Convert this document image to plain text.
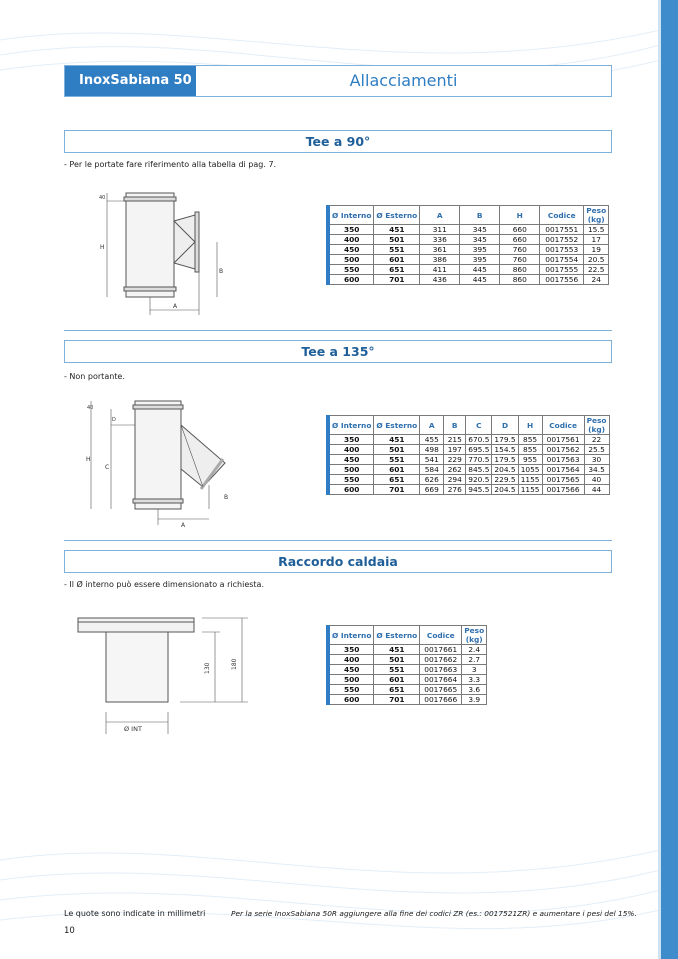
InoxSabiana 50	Allacciamenti
Tee a 90°
- Per le portate fare riferimento alla tabella di pag. 7.
40
H
B
A
Ø Interno	Ø Esterno	A	B	H	Codice	Peso (kg)
350	451	311	345	660	0017551	15.5
400	501	336	345	660	0017552	17
450	551	361	395	760	0017553	19
500	601	386	395	760	0017554	20.5
550	651	411	445	860	0017555	22.5
600	701	436	445	860	0017556	24
Tee a 135°
- Non portante.
40
D
H
C
B
A
Ø Interno	Ø Esterno	A	B	C	D	H	Codice	Peso (kg)
350	451	455	215	670.5	179.5	855	0017561	22
400	501	498	197	695.5	154.5	855	0017562	25.5
450	551	541	229	770.5	179.5	955	0017563	30
500	601	584	262	845.5	204.5	1055	0017564	34.5
550	651	626	294	920.5	229.5	1155	0017565	40
600	701	669	276	945.5	204.5	1155	0017566	44
Raccordo caldaia
- Il Ø interno può essere dimensionato a richiesta.
130	180
Ø INT
Ø Interno	Ø Esterno	Codice	Peso (kg)
350	451	0017661	2.4
400	501	0017662	2.7
450	551	0017663	3
500	601	0017664	3.3
550	651	0017665	3.6
600	701	0017666	3.9
Le quote sono indicate in millimetri	Per la serie InoxSabiana 50R aggiungere alla fine dei codici ZR (es.: 0017521ZR) e aumentare i pesi del 15%.
10
